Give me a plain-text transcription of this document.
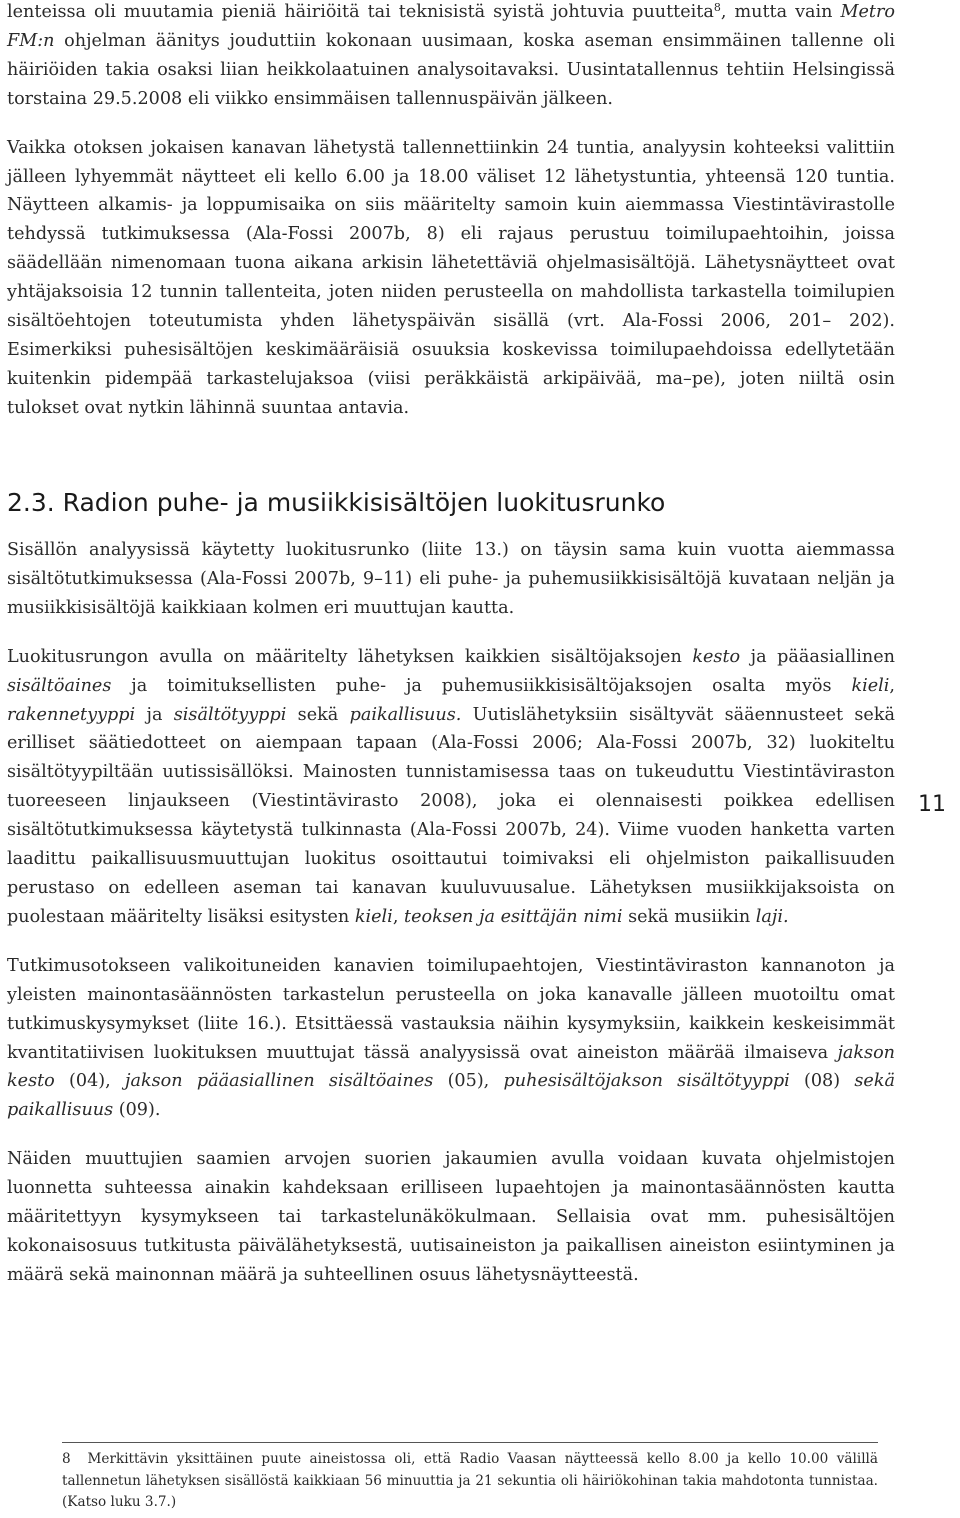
lenteissa oli muutamia pieniä häiriöitä tai teknisistä syistä johtuvia puutteita$^8$, mutta vain Metro FM:n ohjelman äänitys jouduttiin kokonaan uusimaan, koska aseman ensimmäinen tallenne oli häiriöiden takia osaksi liian heikkolaatuinen analysoitavaksi. Uusintatallennus tehtiin Helsingissä torstaina 29.5.2008 eli viikko ensimmäisen tallennuspäivän jälkeen.

Vaikka otoksen jokaisen kanavan lähetystä tallennettiinkin 24 tuntia, analyysin kohteeksi valittiin jälleen lyhyemmät näytteet eli kello 6.00 ja 18.00 väliset 12 lähetystuntia, yhteensä 120 tuntia. Näytteen alkamis- ja loppumisaika on siis määritelty samoin kuin aiemmassa Viestintävirastolle tehdyssä tutkimuksessa (Ala-Fossi 2007b, 8) eli rajaus perustuu toimilupaehtoihin, joissa säädellään nimenomaan tuona aikana arkisin lähetettäviä ohjelmasisältöjä. Lähetysnäytteet ovat yhtäjaksoisia 12 tunnin tallenteita, joten niiden perusteella on mahdollista tarkastella toimilupien sisältöehtojen toteutumista yhden lähetyspäivän sisällä (vrt. Ala-Fossi 2006, 201– 202). Esimerkiksi puhesisältöjen keskimääräisiä osuuksia koskevissa toimilupaehdoissa edellytetään kuitenkin pidempää tarkastelujaksoa (viisi peräkkäistä arkipäivää, ma–pe), joten niiltä osin tulokset ovat nytkin lähinnä suuntaa antavia.

2.3. Radion puhe- ja musiikkisisältöjen luokitusrunko

Sisällön analyysissä käytetty luokitusrunko (liite 13.) on täysin sama kuin vuotta aiemmassa sisältötutkimuksessa (Ala-Fossi 2007b, 9–11) eli puhe- ja puhemusiikkisisältöjä kuvataan neljän ja musiikkisisältöjä kaikkiaan kolmen eri muuttujan kautta.

Luokitusrungon avulla on määritelty lähetyksen kaikkien sisältöjaksojen kesto ja pääasiallinen sisältöaines ja toimituksellisten puhe- ja puhemusiikkisisältöjaksojen osalta myös kieli, rakennetyyppi ja sisältötyyppi sekä paikallisuus. Uutislähetyksiin sisältyvät sääennusteet sekä erilliset säätiedotteet on aiempaan tapaan (Ala-Fossi 2006; Ala-Fossi 2007b, 32) luokiteltu sisältötyypiltään uutissisällöksi. Mainosten tunnistamisessa taas on tukeuduttu Viestintäviraston tuoreeseen linjaukseen (Viestintävirasto 2008), joka ei olennaisesti poikkea edellisen sisältötutkimuksessa käytetystä tulkinnasta (Ala-Fossi 2007b, 24). Viime vuoden hanketta varten laadittu paikallisuusmuuttujan luokitus osoittautui toimivaksi eli ohjelmiston paikallisuuden perustaso on edelleen aseman tai kanavan kuuluvuusalue. Lähetyksen musiikkijaksoista on puolestaan määritelty lisäksi esitysten kieli, teoksen ja esittäjän nimi sekä musiikin laji.

Tutkimusotokseen valikoituneiden kanavien toimilupaehtojen, Viestintäviraston kannanoton ja yleisten mainontasäännösten tarkastelun perusteella on joka kanavalle jälleen muotoiltu omat tutkimuskysymykset (liite 16.). Etsittäessä vastauksia näihin kysymyksiin, kaikkein keskeisimmät kvantitatiivisen luokituksen muuttujat tässä analyysissä ovat aineiston määrää ilmaiseva jakson kesto (04), jakson pääasiallinen sisältöaines (05), puhesisältöjakson sisältötyyppi (08) sekä paikallisuus (09).

Näiden muuttujien saamien arvojen suorien jakaumien avulla voidaan kuvata ohjelmistojen luonnetta suhteessa ainakin kahdeksaan erilliseen lupaehtojen ja mainontasäännösten kautta määritettyyn kysymykseen tai tarkastelunäkökulmaan. Sellaisia ovat mm. puhesisältöjen kokonaisosuus tutkitusta päivälähetyksestä, uutisaineiston ja paikallisen aineiston esiintyminen ja määrä sekä mainonnan määrä ja suhteellinen osuus lähetysnäytteestä.

11

8 Merkittävin yksittäinen puute aineistossa oli, että Radio Vaasan näytteessä kello 8.00 ja kello 10.00 välillä tallennetun lähetyksen sisällöstä kaikkiaan 56 minuuttia ja 21 sekuntia oli häiriökohinan takia mahdotonta tunnistaa. (Katso luku 3.7.)
